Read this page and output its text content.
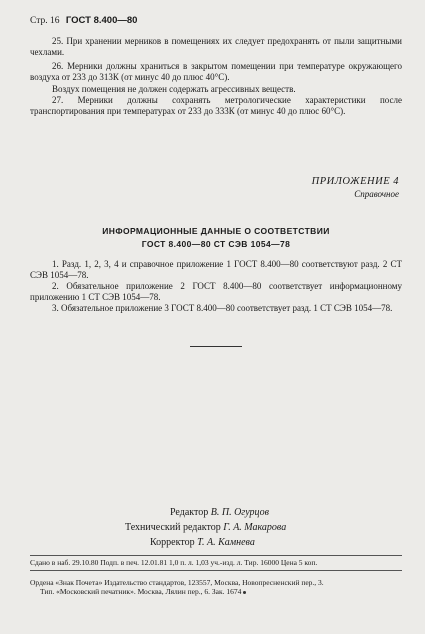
Стр. 16 ГОСТ 8.400—80

25. При хранении мерников в помещениях их следует предохранять от пыли защитными чехлами.

26. Мерники должны храниться в закрытом помещении при температуре окружающего воздуха от 233 до 313К (от минус 40 до плюс 40°С).

Воздух помещения не должен содержать агрессивных веществ.

27. Мерники должны сохранять метрологические характеристики после транспортирования при температурах от 233 до 333К (от минус 40 до плюс 60°С).

ПРИЛОЖЕНИЕ 4
Справочное
ИНФОРМАЦИОННЫЕ ДАННЫЕ О СООТВЕТСТВИИ
ГОСТ 8.400—80 СТ СЭВ 1054—78

1. Разд. 1, 2, 3, 4 и справочное приложение 1 ГОСТ 8.400—80 соответствуют разд. 2 СТ СЭВ 1054—78.

2. Обязательное приложение 2 ГОСТ 8.400—80 соответствует информационному приложению 1 СТ СЭВ 1054—78.

3. Обязательное приложение 3 ГОСТ 8.400—80 соответствует разд. 1 СТ СЭВ 1054—78.

Редактор В. П. Огурцов
Технический редактор Г. А. Макарова
Корректор Т. А. Камнева
Сдано в наб. 29.10.80 Подп. в печ. 12.01.81 1,0 п. л. 1,03 уч.-изд. л. Тир. 16000 Цена 5 коп.
Ордена «Знак Почета» Издательство стандартов, 123557, Москва, Новопресненский пер., 3.
Тип. «Московский печатник». Москва, Лялин пер., 6. Зак. 1674
